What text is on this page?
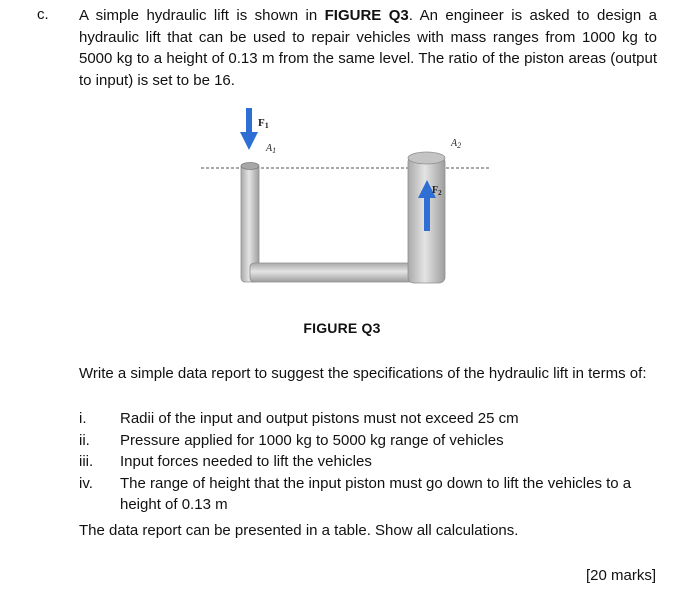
c. A simple hydraulic lift is shown in FIGURE Q3. An engineer is asked to design a hydraulic lift that can be used to repair vehicles with mass ranges from 1000 kg to 5000 kg to a height of 0.13 m from the same level. The ratio of the piston areas (output to input) is set to be 16.
F1
$A_1$
$A_2$
$F_2$
FIGURE Q3
Write a simple data report to suggest the specifications of the hydraulic lift in terms of:
i. Radii of the input and output pistons must not exceed 25 cm
ii. Pressure applied for 1000 kg to 5000 kg range of vehicles
iii. Input forces needed to lift the vehicles
iv. The range of height that the input piston must go down to lift the vehicles to a height of 0.13 m
The data report can be presented in a table. Show all calculations.
[20 marks]
